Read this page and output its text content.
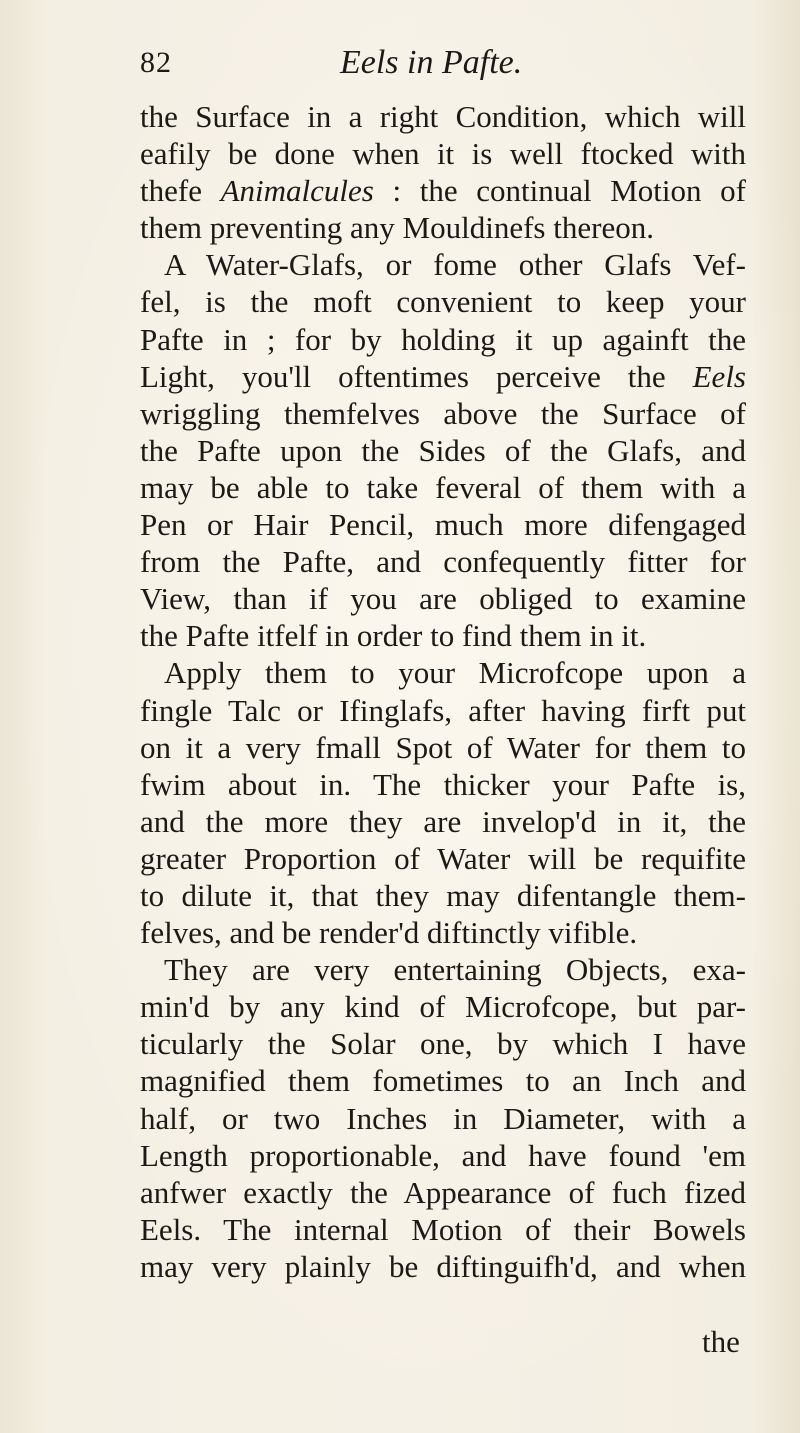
82	Eels in Pafte.
the Surface in a right Condition, which will
eafily be done when it is well ftocked with
thefe Animalcules : the continual Motion of
them preventing any Mouldinefs thereon.
A Water-Glafs, or fome other Glafs Vef-
fel, is the moft convenient to keep your
Pafte in ; for by holding it up againft the
Light, you'll oftentimes perceive the Eels
wriggling themfelves above the Surface of
the Pafte upon the Sides of the Glafs, and
may be able to take feveral of them with a
Pen or Hair Pencil, much more difengaged
from the Pafte, and confequently fitter for
View, than if you are obliged to examine
the Pafte itfelf in order to find them in it.
Apply them to your Microfcope upon a
fingle Talc or Ifinglafs, after having firft put
on it a very fmall Spot of Water for them to
fwim about in. The thicker your Pafte is,
and the more they are invelop'd in it, the
greater Proportion of Water will be requifite
to dilute it, that they may difentangle them-
felves, and be render'd diftinctly vifible.
They are very entertaining Objects, exa-
min'd by any kind of Microfcope, but par-
ticularly the Solar one, by which I have
magnified them fometimes to an Inch and
half, or two Inches in Diameter, with a
Length proportionable, and have found 'em
anfwer exactly the Appearance of fuch fized
Eels. The internal Motion of their Bowels
may very plainly be diftinguifh'd, and when
the
